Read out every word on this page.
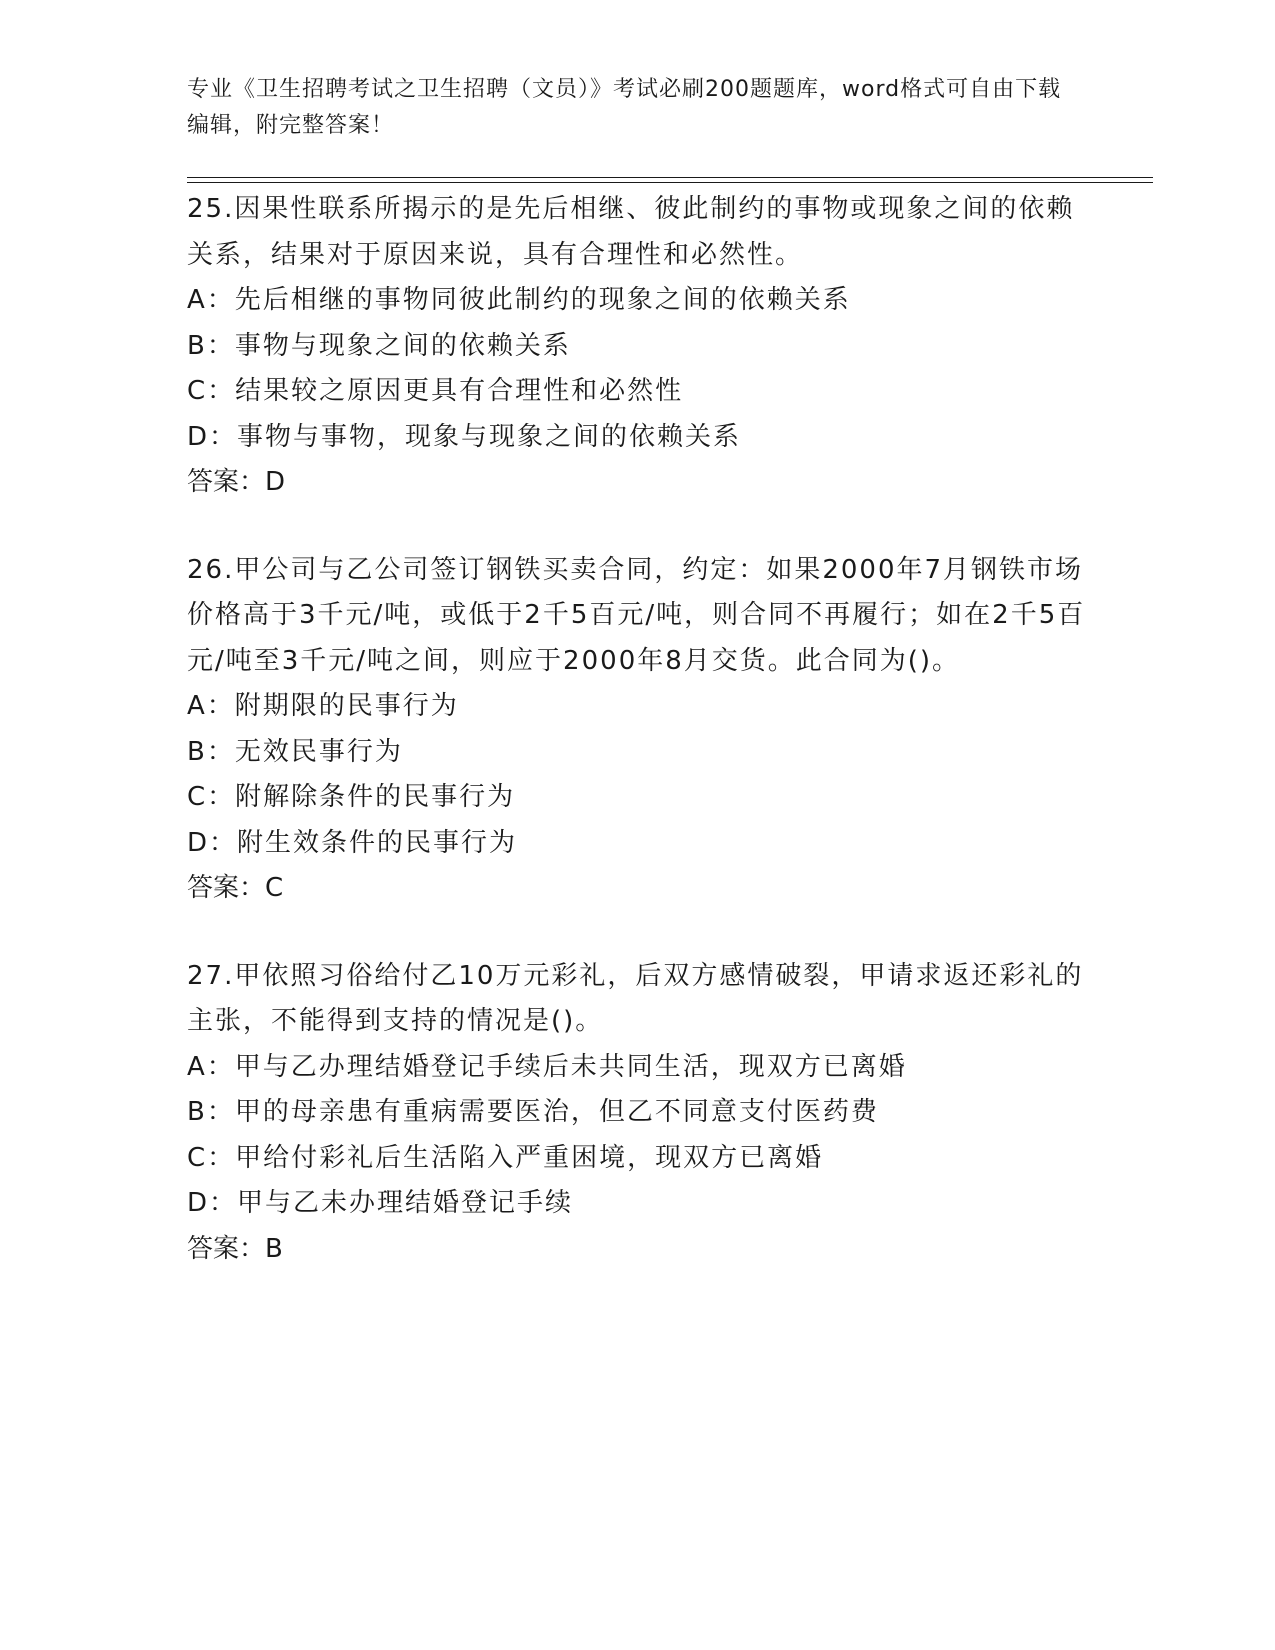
专业《卫生招聘考试之卫生招聘（文员）》考试必刷200题题库，word格式可自由下载编辑，附完整答案！

25.因果性联系所揭示的是先后相继、彼此制约的事物或现象之间的依赖关系，结果对于原因来说，具有合理性和必然性。

A：先后相继的事物同彼此制约的现象之间的依赖关系

B：事物与现象之间的依赖关系

C：结果较之原因更具有合理性和必然性

D：事物与事物，现象与现象之间的依赖关系

答案：D

26.甲公司与乙公司签订钢铁买卖合同，约定：如果2000年7月钢铁市场价格高于3千元/吨，或低于2千5百元/吨，则合同不再履行；如在2千5百元/吨至3千元/吨之间，则应于2000年8月交货。此合同为()。

A：附期限的民事行为

B：无效民事行为

C：附解除条件的民事行为

D：附生效条件的民事行为

答案：C

27.甲依照习俗给付乙10万元彩礼，后双方感情破裂，甲请求返还彩礼的主张，不能得到支持的情况是()。

A：甲与乙办理结婚登记手续后未共同生活，现双方已离婚

B：甲的母亲患有重病需要医治，但乙不同意支付医药费

C：甲给付彩礼后生活陷入严重困境，现双方已离婚

D：甲与乙未办理结婚登记手续

答案：B
